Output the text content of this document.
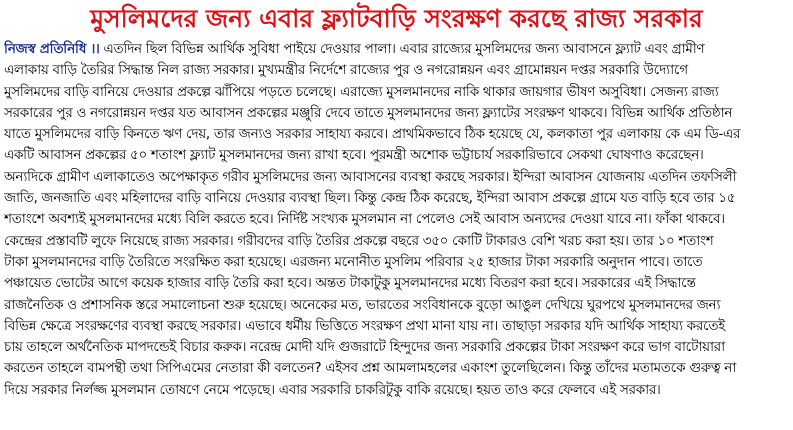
মুসলিমদের জন্য এবার ফ্ল্যাটবাড়ি সংরক্ষণ করছে রাজ্য সরকার
নিজস্ব প্রতিনিধি ।। এতদিন ছিল বিভিন্ন আর্থিক সুবিধা পাইয়ে দেওয়ার পালা। এবার রাজ্যের মুসলিমদের জন্য আবাসনে ফ্ল্যাট এবং গ্রামীণ
এলাকায় বাড়ি তৈরির সিদ্ধান্ত নিল রাজ্য সরকার। মুখ্যমন্ত্রীর নির্দেশে রাজ্যের পুর ও নগরোন্নয়ন এবং গ্রামোন্নয়ন দপ্তর সরকারি উদ্যোগে
মুসলিমদের বাড়ি বানিয়ে দেওয়ার প্রকল্পে ঝাঁপিয়ে পড়তে চলেছে। এরাজ্যে মুসলমানদের নাকি থাকার জায়গার ভীষণ অসুবিধা। সেজন্য রাজ্য
সরকারের পুর ও নগরোন্নয়ন দপ্তর যত আবাসন প্রকল্পের মঞ্জুরি দেবে তাতে মুসলমানদের জন্য ফ্ল্যাটের সংরক্ষণ থাকবে। বিভিন্ন আর্থিক প্রতিষ্ঠান
যাতে মুসলিমদের বাড়ি কিনতে ঋণ দেয়, তার জন্যও সরকার সাহায্য করবে। প্রাথমিকভাবে ঠিক হয়েছে যে, কলকাতা পুর এলাকায় কে এম ডি-এর
একটি আবাসন প্রকল্পের ৫০ শতাংশ ফ্ল্যাট মুসলমানদের জন্য রাখা হবে। পুরমন্ত্রী অশোক ভট্টাচার্য সরকারিভাবে সেকথা ঘোষণাও করেছেন।
অন্যদিকে গ্রামীণ এলাকাতেও অপেক্ষাকৃত গরীব মুসলিমদের জন্য আবাসনের ব্যবস্থা করছে সরকার। ইন্দিরা আবাসন যোজনায় এতদিন তফসিলী
জাতি, জনজাতি এবং মহিলাদের বাড়ি বানিয়ে দেওয়ার ব্যবস্থা ছিল। কিন্তু কেন্দ্র ঠিক করেছে, ইন্দিরা আবাস প্রকল্পে গ্রামে যত বাড়ি হবে তার ১৫
শতাংশে অবশ্যই মুসলমানদের মধ্যে বিলি করতে হবে। নির্দিষ্ট সংখ্যক মুসলমান না পেলেও সেই আবাস অন্যদের দেওয়া যাবে না। ফাঁকা থাকবে।
কেন্দ্রের প্রস্তাবটি লুফে নিয়েছে রাজ্য সরকার। গরীবদের বাড়ি তৈরির প্রকল্পে বছরে ৩৫০ কোটি টাকারও বেশি খরচ করা হয়। তার ১০ শতাংশ
টাকা মুসলমানদের বাড়ি তৈরিতে সংরক্ষিত করা হয়েছে। এরজন্য মনোনীত মুসলিম পরিবার ২৫ হাজার টাকা সরকারি অনুদান পাবে। তাতে
পঞ্চায়েত ভোটের আগে কয়েক হাজার বাড়ি তৈরি করা হবে। অন্তত টাকাটুকু মুসলমানদের মধ্যে বিতরণ করা হবে। সরকারের এই সিদ্ধান্তে
রাজনৈতিক ও প্রশাসনিক স্তরে সমালোচনা শুরু হয়েছে। অনেকের মত, ভারতের সংবিধানকে বুড়ো আঙুল দেখিয়ে ঘুরপথে মুসলমানদের জন্য
বিভিন্ন ক্ষেত্রে সংরক্ষণের ব্যবস্থা করছে সরকার। এভাবে ধর্মীয় ভিত্তিতে সংরক্ষণ প্রথা মানা যায় না। তাছাড়া সরকার যদি আর্থিক সাহায্য করতেই
চায় তাহলে অর্থনৈতিক মাপদন্ডেই বিচার করুক। নরেন্দ্র মোদী যদি গুজরাটে হিন্দুদের জন্য সরকারি প্রকল্পের টাকা সংরক্ষণ করে ভাগ বাটোয়ারা
করতেন তাহলে বামপন্থী তথা সিপিএমের নেতারা কী বলতেন? এইসব প্রশ্ন আমলামহলের একাংশ তুলেছিলেন। কিন্তু তাঁদের মতামতকে গুরুত্ব না
দিয়ে সরকার নির্লজ্জ মুসলমান তোষণে নেমে পড়েছে। এবার সরকারি চাকরিটুকু বাকি রয়েছে। হয়ত তাও করে ফেলবে এই সরকার।
